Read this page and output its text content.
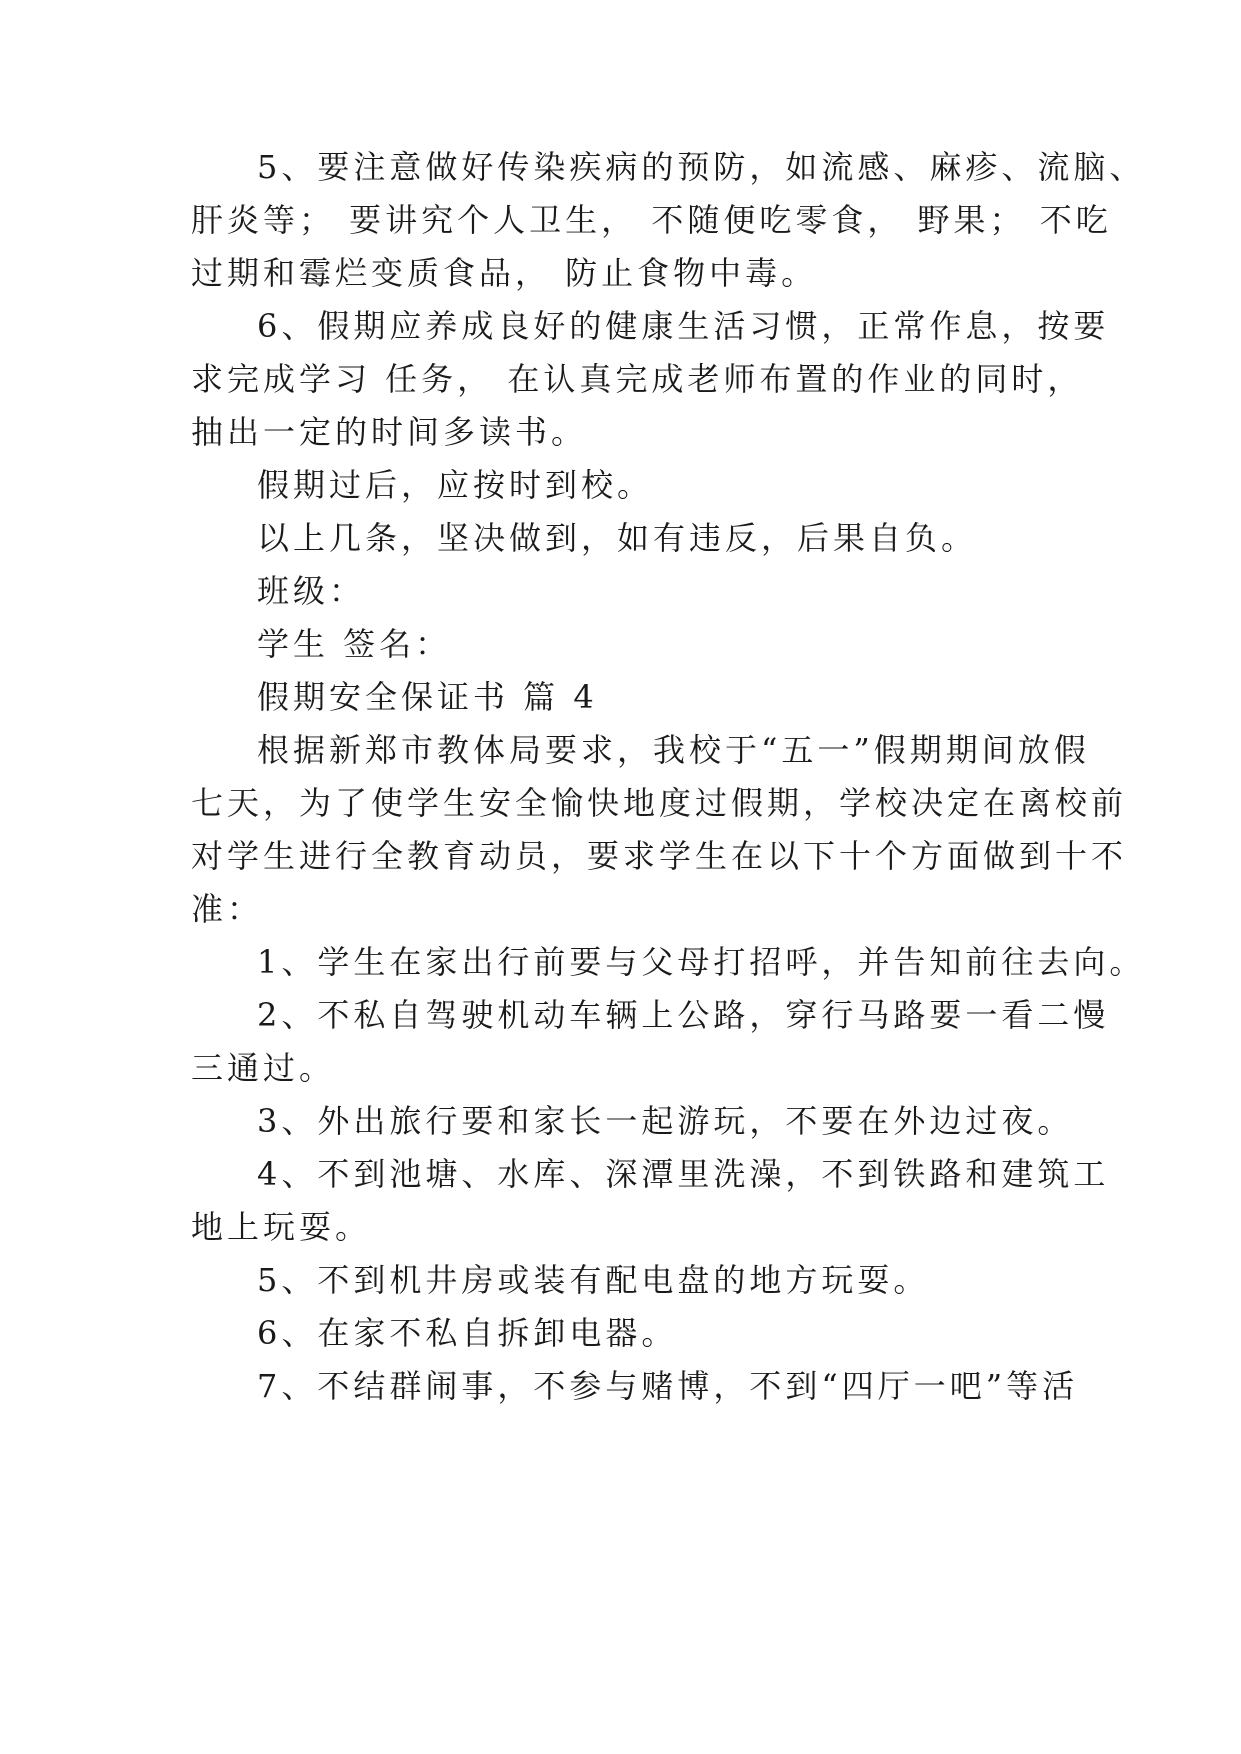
5、要注意做好传染疾病的预防，如流感、麻疹、流脑、
肝炎等； 要讲究个人卫生， 不随便吃零食， 野果； 不吃
过期和霉烂变质食品， 防止食物中毒。
6、假期应养成良好的健康生活习惯，正常作息，按要
求完成学习 任务， 在认真完成老师布置的作业的同时，
抽出一定的时间多读书。
假期过后，应按时到校。
以上几条，坚决做到，如有违反，后果自负。
班级：
学生 签名：
假期安全保证书 篇 4
根据新郑市教体局要求，我校于“五一”假期期间放假
七天，为了使学生安全愉快地度过假期，学校决定在离校前
对学生进行全教育动员，要求学生在以下十个方面做到十不
准：
1、学生在家出行前要与父母打招呼，并告知前往去向。
2、不私自驾驶机动车辆上公路，穿行马路要一看二慢
三通过。
3、外出旅行要和家长一起游玩，不要在外边过夜。
4、不到池塘、水库、深潭里洗澡，不到铁路和建筑工
地上玩耍。
5、不到机井房或装有配电盘的地方玩耍。
6、在家不私自拆卸电器。
7、不结群闹事，不参与赌博，不到“四厅一吧”等活
